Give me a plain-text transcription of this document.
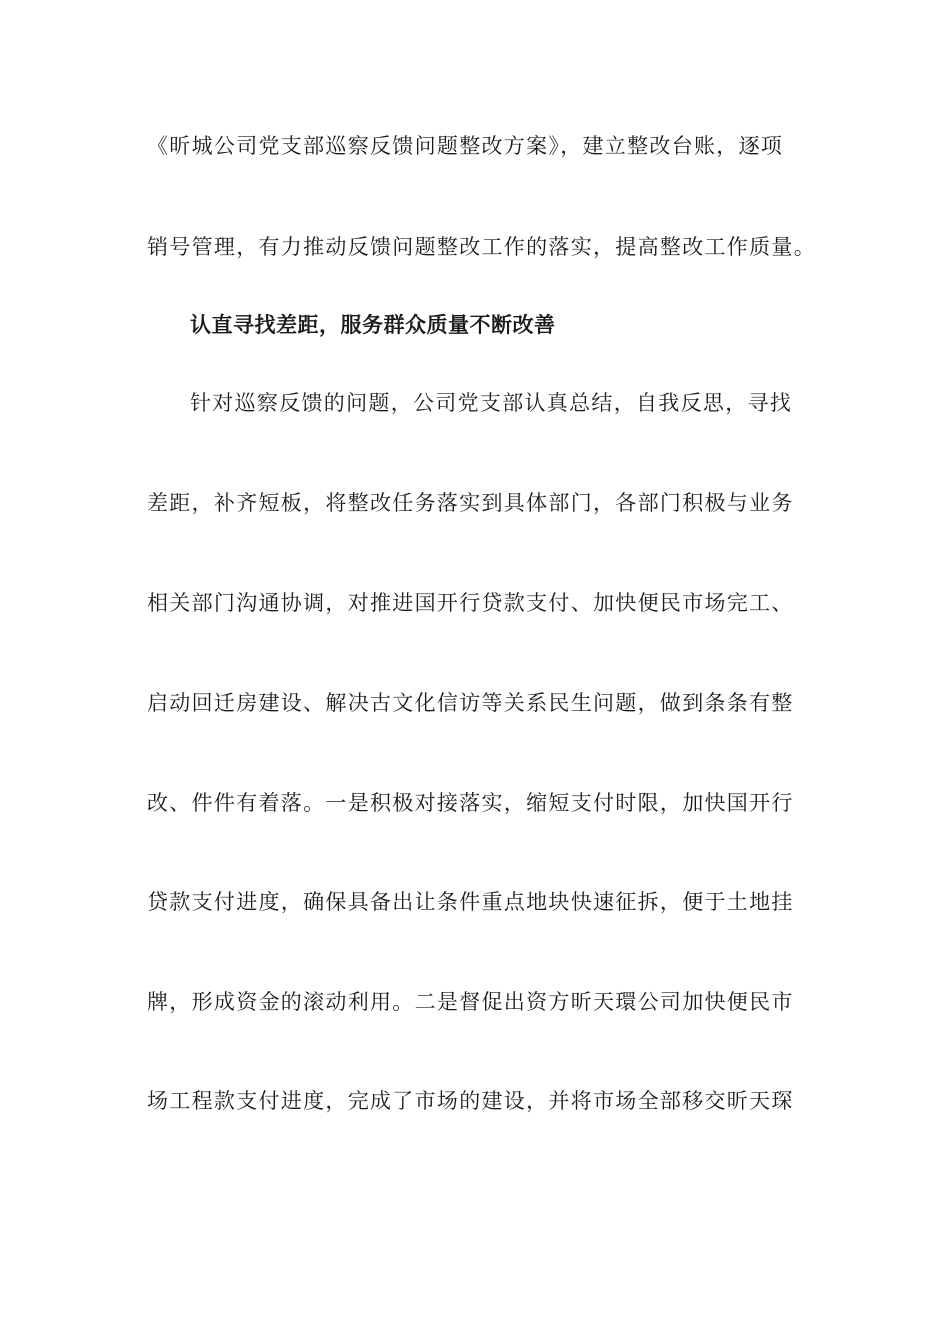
《昕城公司党支部巡察反馈问题整改方案》，建立整改台账，逐项
销号管理，有力推动反馈问题整改工作的落实，提高整改工作质量。
认直寻找差距，服务群众质量不断改善
针对巡察反馈的问题，公司党支部认真总结，自我反思，寻找
差距，补齐短板，将整改任务落实到具体部门，各部门积极与业务
相关部门沟通协调，对推进国开行贷款支付、加快便民市场完工、
启动回迁房建设、解决古文化信访等关系民生问题，做到条条有整
改、件件有着落。一是积极对接落实，缩短支付时限，加快国开行
贷款支付进度，确保具备出让条件重点地块快速征拆，便于土地挂
牌，形成资金的滚动利用。二是督促出资方昕天環公司加快便民市
场工程款支付进度，完成了市场的建设，并将市场全部移交昕天琛
